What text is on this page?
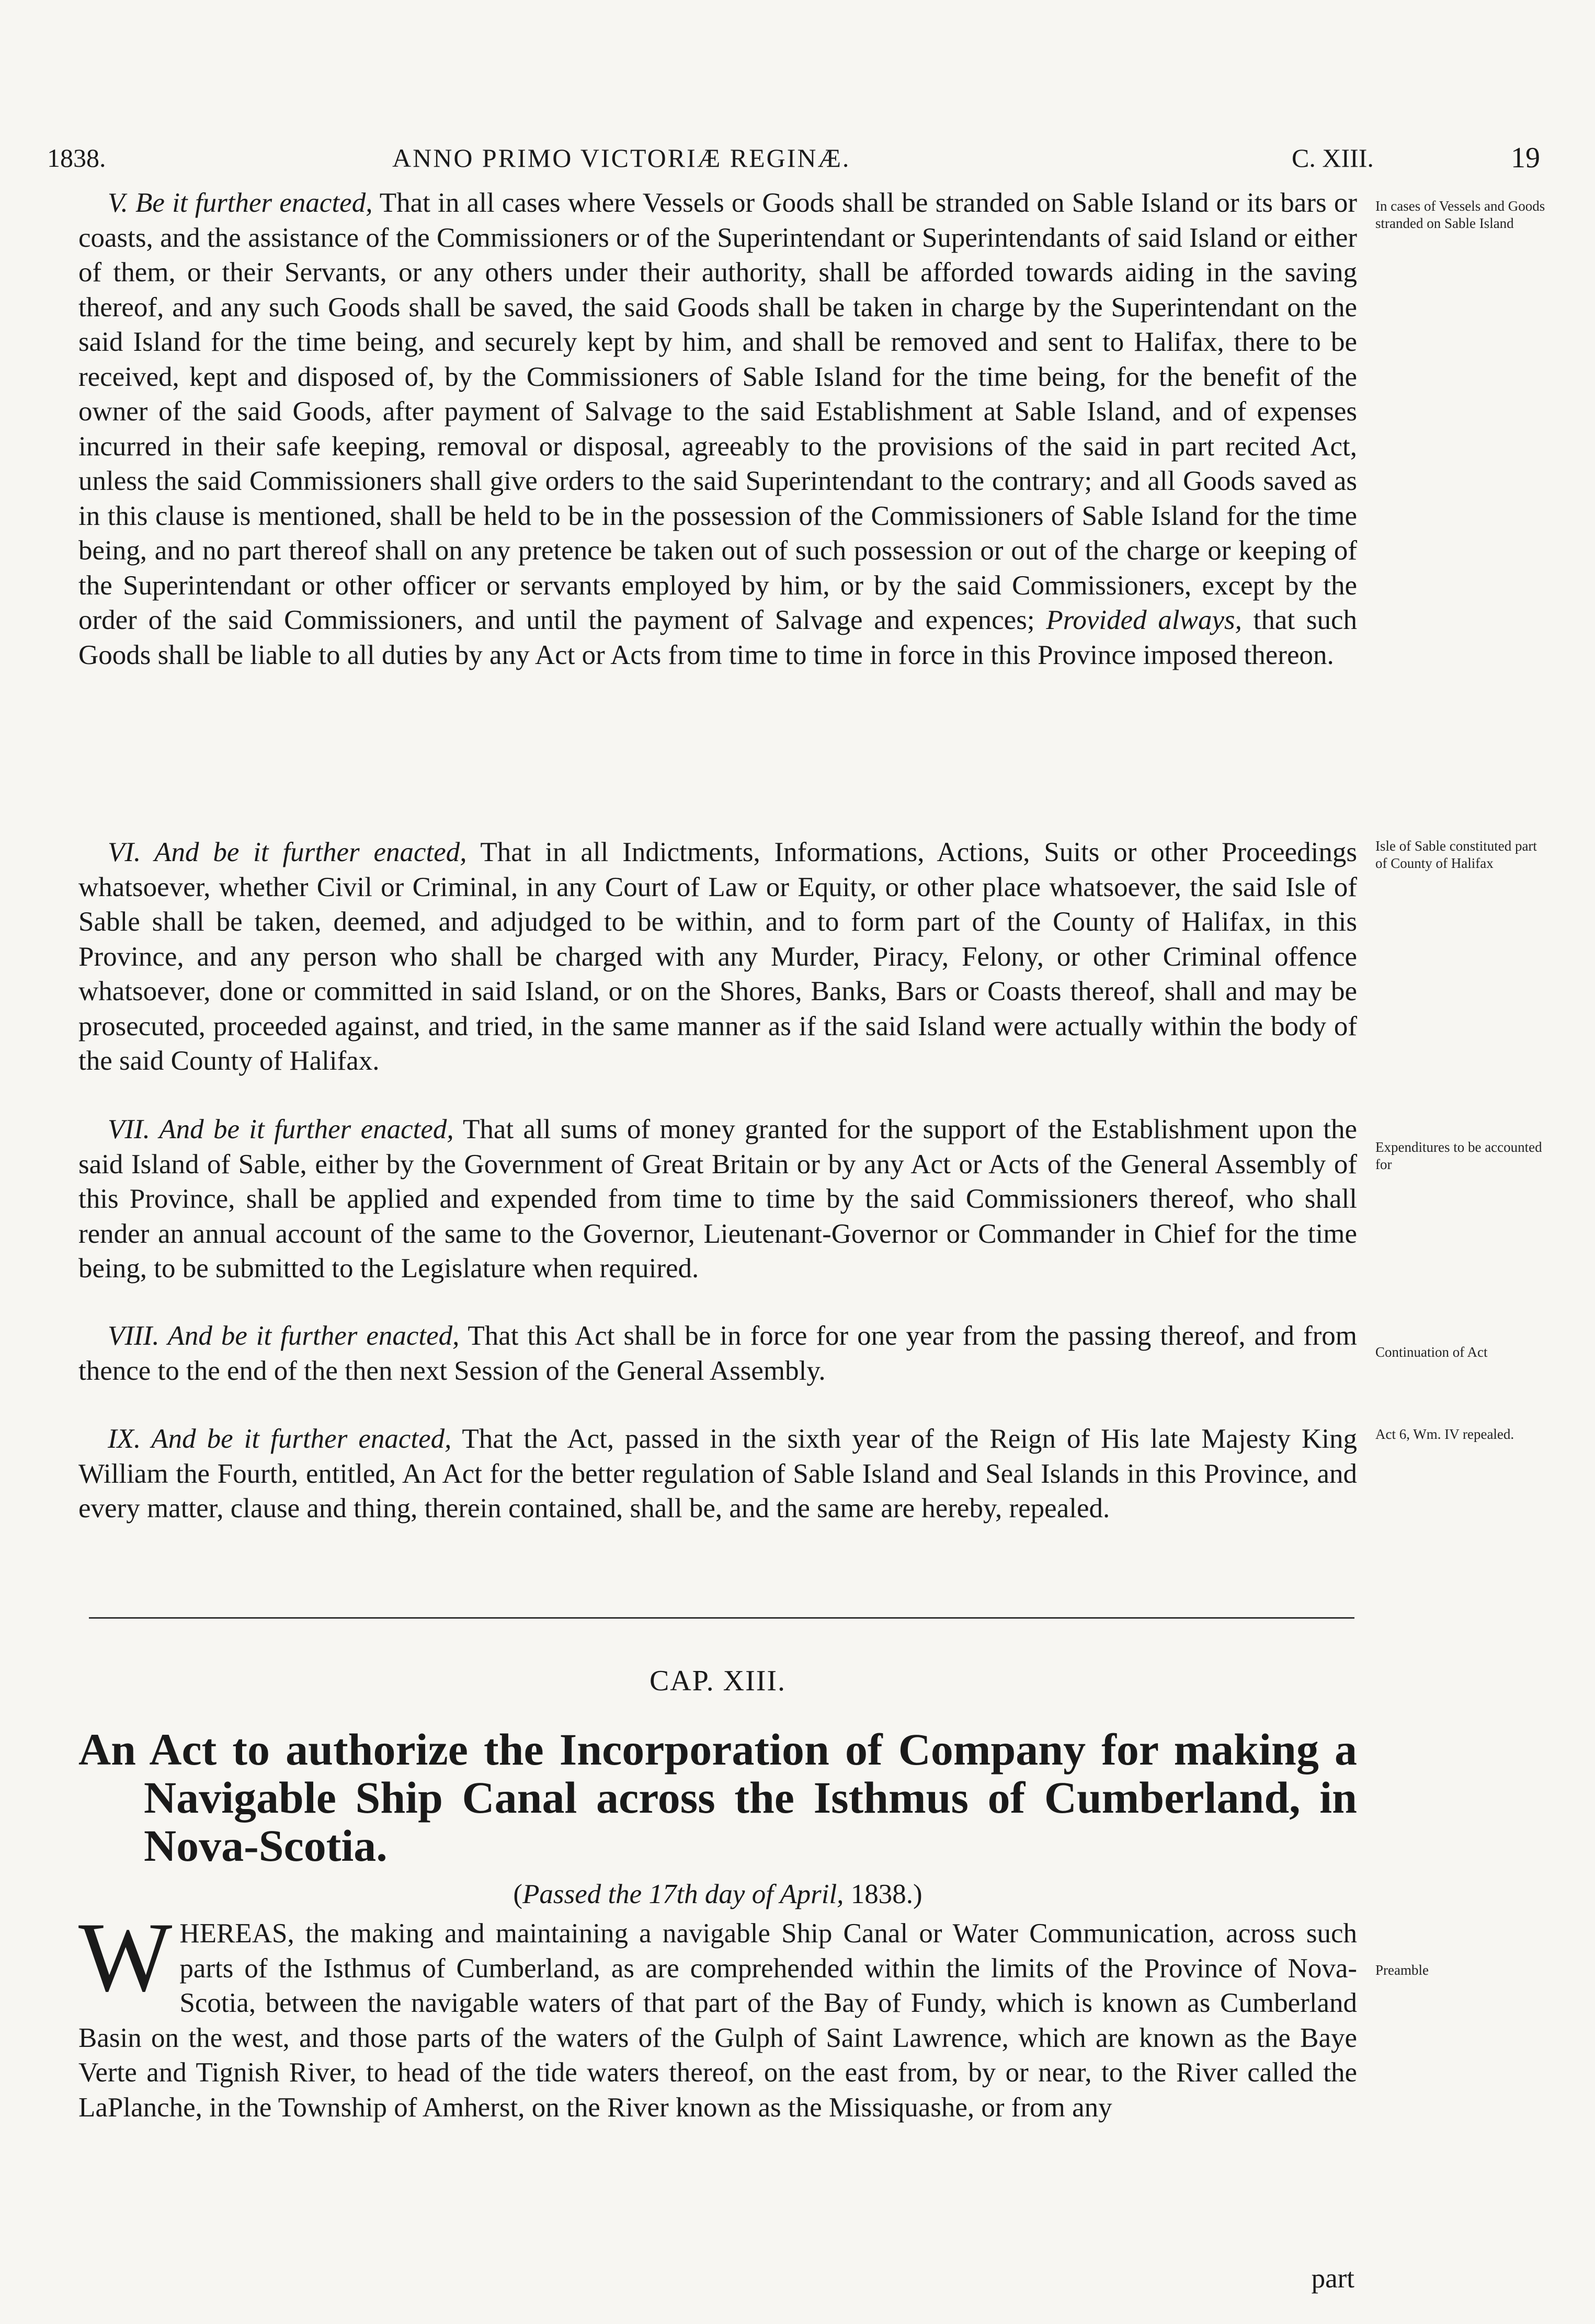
1838.	ANNO PRIMO VICTORIÆ REGINÆ.	C. XIII.	19

V. Be it further enacted, That in all cases where Vessels or Goods shall be stranded on Sable Island or its bars or coasts, and the assistance of the Commissioners or of the Superintendant or Superintendants of said Island or either of them, or their Servants, or any others under their authority, shall be afforded towards aiding in the saving thereof, and any such Goods shall be saved, the said Goods shall be taken in charge by the Superintendant on the said Island for the time being, and securely kept by him, and shall be removed and sent to Halifax, there to be received, kept and disposed of, by the Commissioners of Sable Island for the time being, for the benefit of the owner of the said Goods, after payment of Salvage to the said Establishment at Sable Island, and of expenses incurred in their safe keeping, removal or disposal, agreeably to the provisions of the said in part recited Act, unless the said Commissioners shall give orders to the said Superintendant to the contrary; and all Goods saved as in this clause is mentioned, shall be held to be in the possession of the Commissioners of Sable Island for the time being, and no part thereof shall on any pretence be taken out of such possession or out of the charge or keeping of the Superintendant or other officer or servants employed by him, or by the said Commissioners, except by the order of the said Commissioners, and until the payment of Salvage and expences; Provided always, that such Goods shall be liable to all duties by any Act or Acts from time to time in force in this Province imposed thereon.

In cases of Vessels and Goods stranded on Sable Island

VI. And be it further enacted, That in all Indictments, Informations, Actions, Suits or other Proceedings whatsoever, whether Civil or Criminal, in any Court of Law or Equity, or other place whatsoever, the said Isle of Sable shall be taken, deemed, and adjudged to be within, and to form part of the County of Halifax, in this Province, and any person who shall be charged with any Murder, Piracy, Felony, or other Criminal offence whatsoever, done or committed in said Island, or on the Shores, Banks, Bars or Coasts thereof, shall and may be prosecuted, proceeded against, and tried, in the same manner as if the said Island were actually within the body of the said County of Halifax.

Isle of Sable constituted part of County of Halifax

VII. And be it further enacted, That all sums of money granted for the support of the Establishment upon the said Island of Sable, either by the Government of Great Britain or by any Act or Acts of the General Assembly of this Province, shall be applied and expended from time to time by the said Commissioners thereof, who shall render an annual account of the same to the Governor, Lieutenant-Governor or Commander in Chief for the time being, to be submitted to the Legislature when required.

Expenditures to be accounted for

VIII. And be it further enacted, That this Act shall be in force for one year from the passing thereof, and from thence to the end of the then next Session of the General Assembly.

Continuation of Act

IX. And be it further enacted, That the Act, passed in the sixth year of the Reign of His late Majesty King William the Fourth, entitled, An Act for the better regulation of Sable Island and Seal Islands in this Province, and every matter, clause and thing, therein contained, shall be, and the same are hereby, repealed.

Act 6, Wm. IV repealed.
CAP. XIII.
An Act to authorize the Incorporation of Company for making a Navigable Ship Canal across the Isthmus of Cumberland, in Nova-Scotia.
(Passed the 17th day of April, 1838.)

WHEREAS, the making and maintaining a navigable Ship Canal or Water Communication, across such parts of the Isthmus of Cumberland, as are comprehended within the limits of the Province of Nova-Scotia, between the navigable waters of that part of the Bay of Fundy, which is known as Cumberland Basin on the west, and those parts of the waters of the Gulph of Saint Lawrence, which are known as the Baye Verte and Tignish River, to head of the tide waters thereof, on the east from, by or near, to the River called the LaPlanche, in the Township of Amherst, on the River known as the Missiquashe, or from any

Preamble
part
